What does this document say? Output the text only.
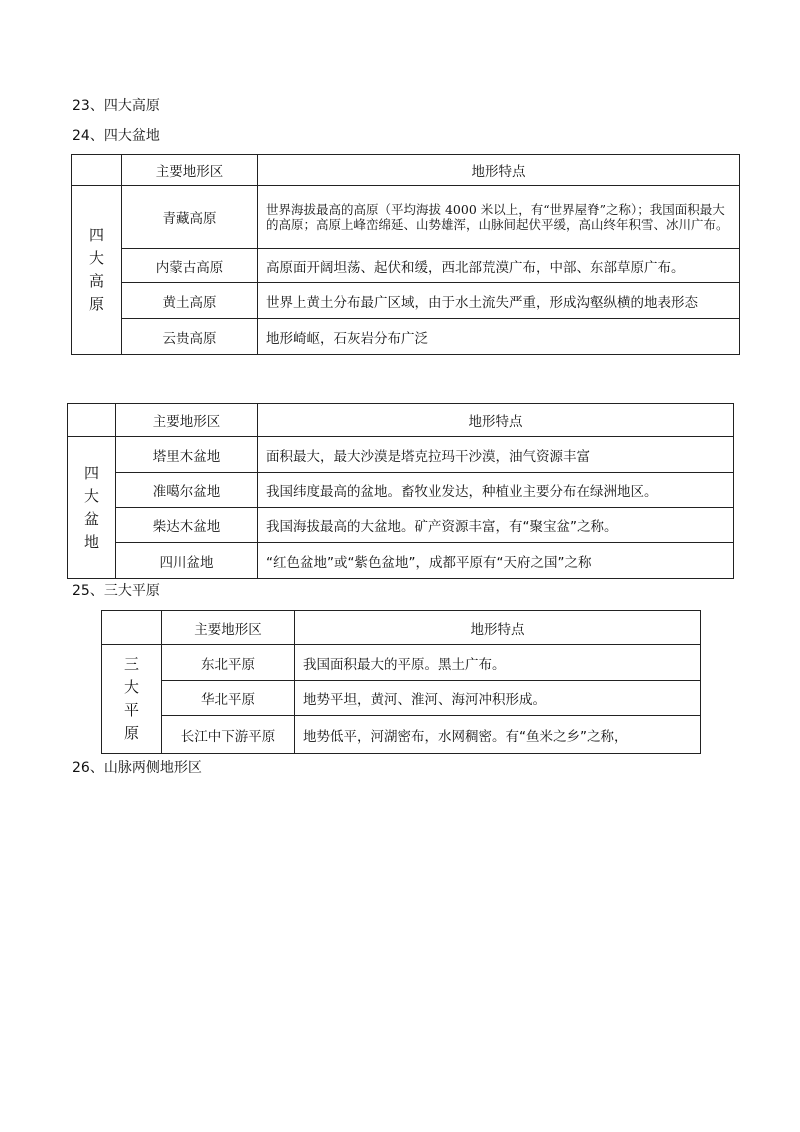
23、四大高原
24、四大盆地
	主要地形区	地形特点
四大高原	青藏高原	世界海拔最高的高原（平均海拔 4000 米以上，有“世界屋脊”之称）；我国面积最大的高原；高原上峰峦绵延、山势雄浑，山脉间起伏平缓，高山终年积雪、冰川广布。
	内蒙古高原	高原面开阔坦荡、起伏和缓，西北部荒漠广布，中部、东部草原广布。
	黄土高原	世界上黄土分布最广区域，由于水土流失严重，形成沟壑纵横的地表形态
	云贵高原	地形崎岖，石灰岩分布广泛
	主要地形区	地形特点
四大盆地	塔里木盆地	面积最大，最大沙漠是塔克拉玛干沙漠，油气资源丰富
	准噶尔盆地	我国纬度最高的盆地。畜牧业发达，种植业主要分布在绿洲地区。
	柴达木盆地	我国海拔最高的大盆地。矿产资源丰富，有“聚宝盆”之称。
	四川盆地	“红色盆地”或“紫色盆地”，成都平原有“天府之国”之称
25、三大平原
	主要地形区	地形特点
三大平原	东北平原	我国面积最大的平原。黑土广布。
	华北平原	地势平坦，黄河、淮河、海河冲积形成。
	长江中下游平原	地势低平，河湖密布，水网稠密。有“鱼米之乡”之称，
26、山脉两侧地形区
